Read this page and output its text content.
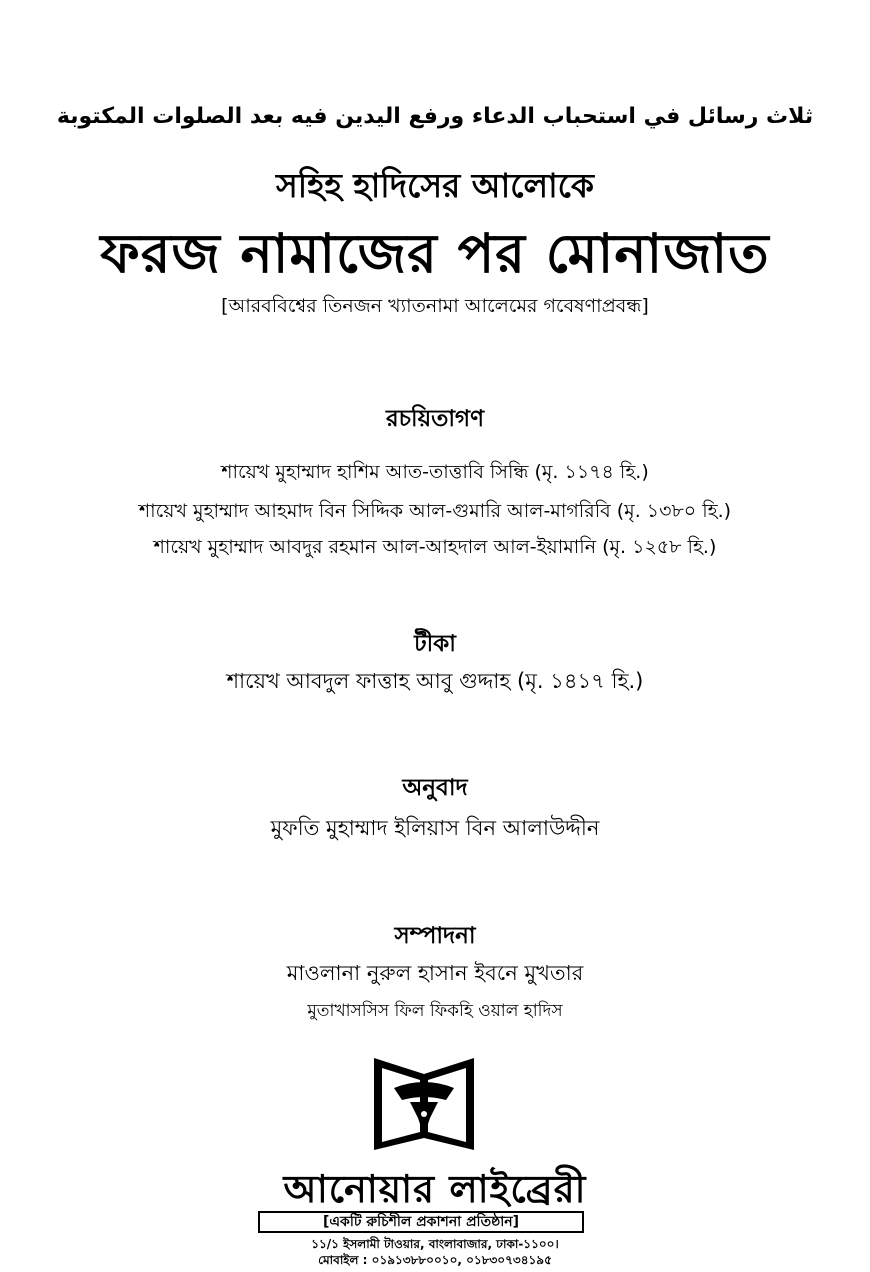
ثلاث رسائل في استحباب الدعاء ورفع اليدين فيه بعد الصلوات المكتوبة
সহিহ হাদিসের আলোকে
ফরজ নামাজের পর মোনাজাত
[আরববিশ্বের তিনজন খ্যাতনামা আলেমের গবেষণাপ্রবন্ধ]
রচয়িতাগণ
শায়েখ মুহাম্মাদ হাশিম আত-তাত্তাবি সিন্ধি (মৃ. ১১৭৪ হি.)
শায়েখ মুহাম্মাদ আহমাদ বিন সিদ্দিক আল-গুমারি আল-মাগরিবি (মৃ. ১৩৮০ হি.)
শায়েখ মুহাম্মাদ আবদুর রহমান আল-আহদাল আল-ইয়ামানি (মৃ. ১২৫৮ হি.)
টীকা
শায়েখ আবদুল ফাত্তাহ আবু গুদ্দাহ (মৃ. ১৪১৭ হি.)
অনুবাদ
মুফতি মুহাম্মাদ ইলিয়াস বিন আলাউদ্দীন
সম্পাদনা
মাওলানা নুরুল হাসান ইবনে মুখতার
মুতাখাসসিস ফিল ফিকহি ওয়াল হাদিস
আনোয়ার লাইব্রেরী
[একটি রুচিশীল প্রকাশনা প্রতিষ্ঠান]
১১/১ ইসলামী টাওয়ার, বাংলাবাজার, ঢাকা-১১০০।
মোবাইল : ০১৯১৩৮৮০০১০, ০১৮৩০৭৩৪১৯৫
